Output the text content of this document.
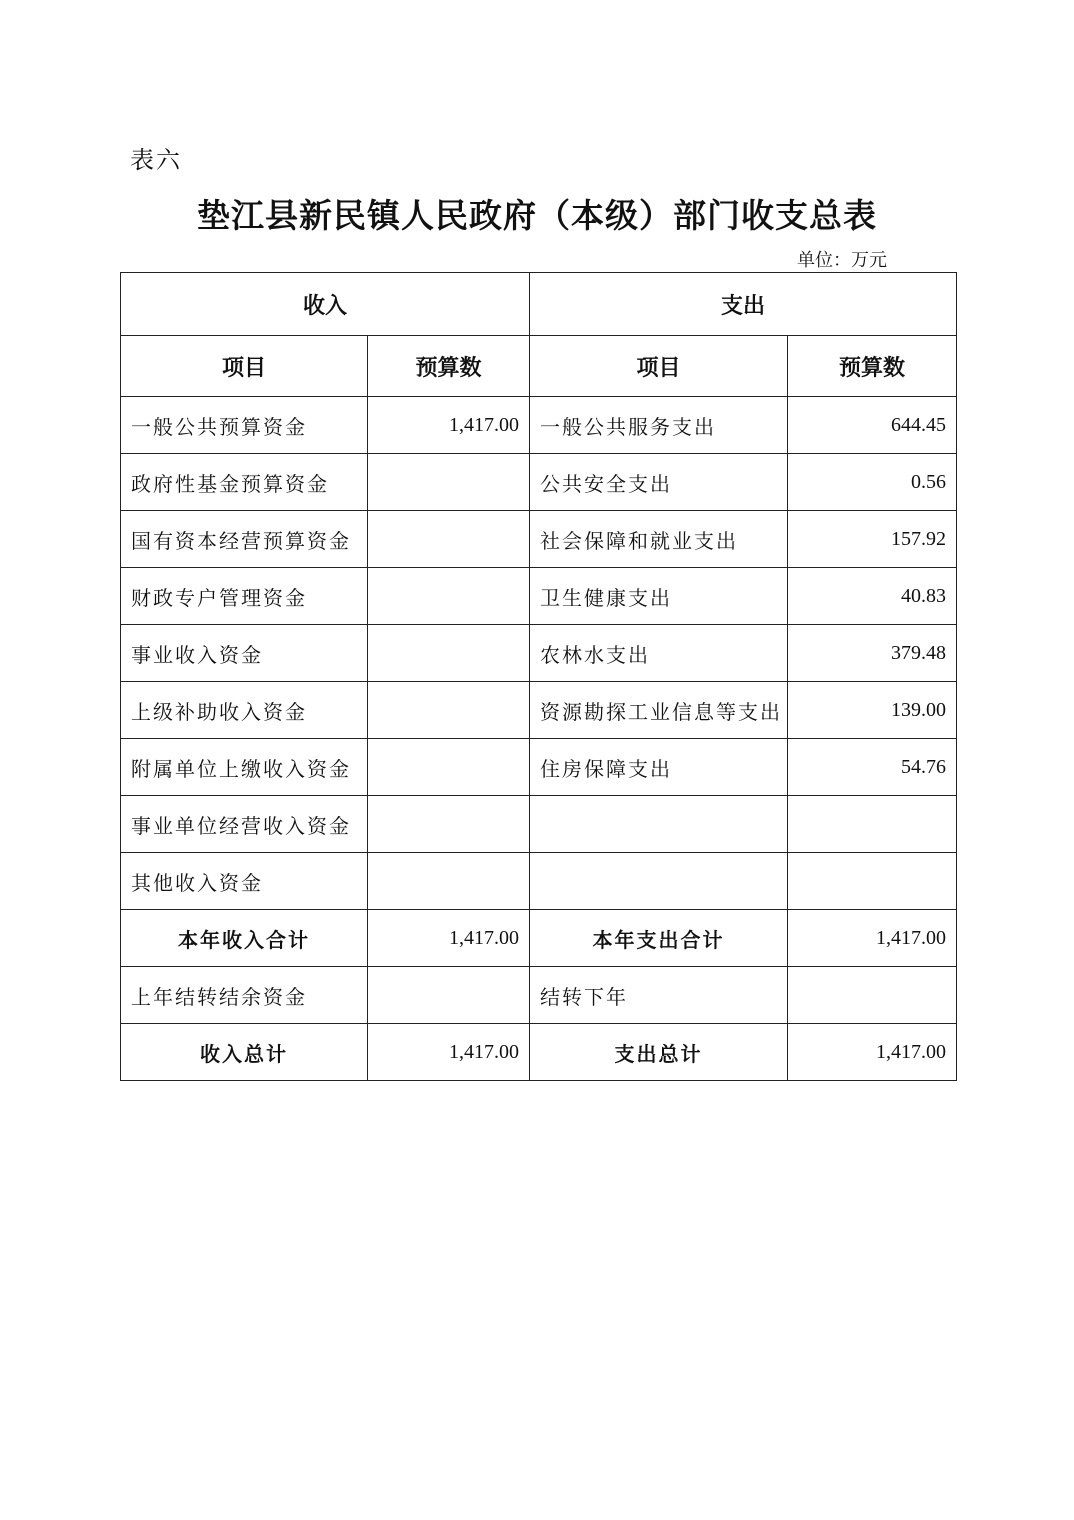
表六
垫江县新民镇人民政府（本级）部门收支总表
单位：万元
收入		支出	
项目	预算数	项目	预算数
一般公共预算资金	1,417.00	一般公共服务支出	644.45
政府性基金预算资金		公共安全支出	0.56
国有资本经营预算资金		社会保障和就业支出	157.92
财政专户管理资金		卫生健康支出	40.83
事业收入资金		农林水支出	379.48
上级补助收入资金		资源勘探工业信息等支出	139.00
附属单位上缴收入资金		住房保障支出	54.76
事业单位经营收入资金			
其他收入资金			
本年收入合计	1,417.00	本年支出合计	1,417.00
上年结转结余资金		结转下年	
收入总计	1,417.00	支出总计	1,417.00
